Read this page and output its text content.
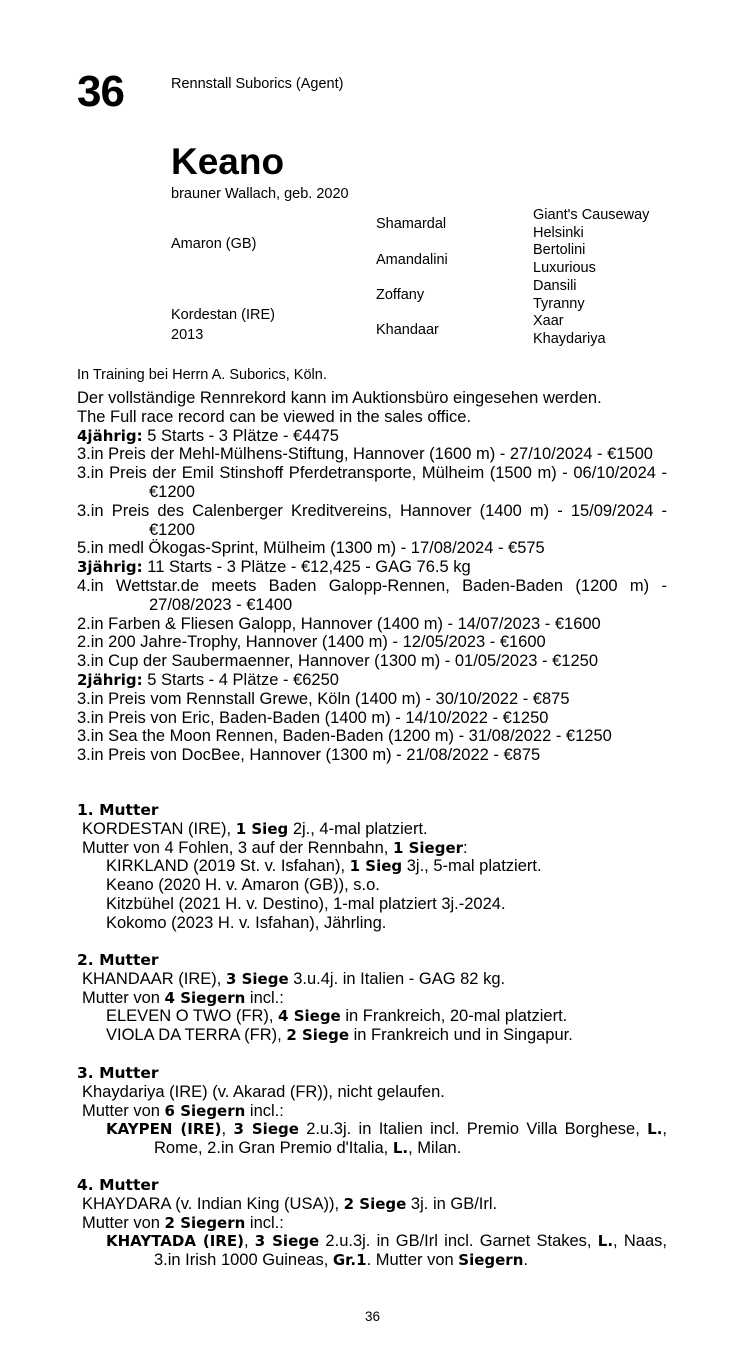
36	Rennstall Suborics (Agent)
Keano
brauner Wallach, geb. 2020
Amaron (GB)
Kordestan (IRE)
2013
Shamardal
Amandalini
Zoffany
Khandaar
Giant's Causeway
Helsinki
Bertolini
Luxurious
Dansili
Tyranny
Xaar
Khaydariya
In Training bei Herrn A. Suborics, Köln.
Der vollständige Rennrekord kann im Auktionsbüro eingesehen werden.
The Full race record can be viewed in the sales office.
4jährig: 5 Starts - 3 Plätze - €4475
3.in Preis der Mehl-Mülhens-Stiftung, Hannover (1600 m) - 27/10/2024 - €1500
3.in Preis der Emil Stinshoff Pferdetransporte, Mülheim (1500 m) - 06/10/2024 - €1200
3.in Preis des Calenberger Kreditvereins, Hannover (1400 m) - 15/09/2024 - €1200
5.in medl Ökogas-Sprint, Mülheim (1300 m) - 17/08/2024 - €575
3jährig: 11 Starts - 3 Plätze - €12,425 - GAG 76.5 kg
4.in Wettstar.de meets Baden Galopp-Rennen, Baden-Baden (1200 m) - 27/08/2023 - €1400
2.in Farben & Fliesen Galopp, Hannover (1400 m) - 14/07/2023 - €1600
2.in 200 Jahre-Trophy, Hannover (1400 m) - 12/05/2023 - €1600
3.in Cup der Saubermaenner, Hannover (1300 m) - 01/05/2023 - €1250
2jährig: 5 Starts - 4 Plätze - €6250
3.in Preis vom Rennstall Grewe, Köln (1400 m) - 30/10/2022 - €875
3.in Preis von Eric, Baden-Baden (1400 m) - 14/10/2022 - €1250
3.in Sea the Moon Rennen, Baden-Baden (1200 m) - 31/08/2022 - €1250
3.in Preis von DocBee, Hannover (1300 m) - 21/08/2022 - €875
1. Mutter
KORDESTAN (IRE), 1 Sieg 2j., 4-mal platziert.
Mutter von 4 Fohlen, 3 auf der Rennbahn, 1 Sieger:
KIRKLAND (2019 St. v. Isfahan), 1 Sieg 3j., 5-mal platziert.
Keano (2020 H. v. Amaron (GB)), s.o.
Kitzbühel (2021 H. v. Destino), 1-mal platziert 3j.-2024.
Kokomo (2023 H. v. Isfahan), Jährling.
2. Mutter
KHANDAAR (IRE), 3 Siege 3.u.4j. in Italien - GAG 82 kg.
Mutter von 4 Siegern incl.:
ELEVEN O TWO (FR), 4 Siege in Frankreich, 20-mal platziert.
VIOLA DA TERRA (FR), 2 Siege in Frankreich und in Singapur.
3. Mutter
Khaydariya (IRE) (v. Akarad (FR)), nicht gelaufen.
Mutter von 6 Siegern incl.:
KAYPEN (IRE), 3 Siege 2.u.3j. in Italien incl. Premio Villa Borghese, L., Rome, 2.in Gran Premio d'Italia, L., Milan.
4. Mutter
KHAYDARA (v. Indian King (USA)), 2 Siege 3j. in GB/Irl.
Mutter von 2 Siegern incl.:
KHAYTADA (IRE), 3 Siege 2.u.3j. in GB/Irl incl. Garnet Stakes, L., Naas, 3.in Irish 1000 Guineas, Gr.1. Mutter von Siegern.
36
